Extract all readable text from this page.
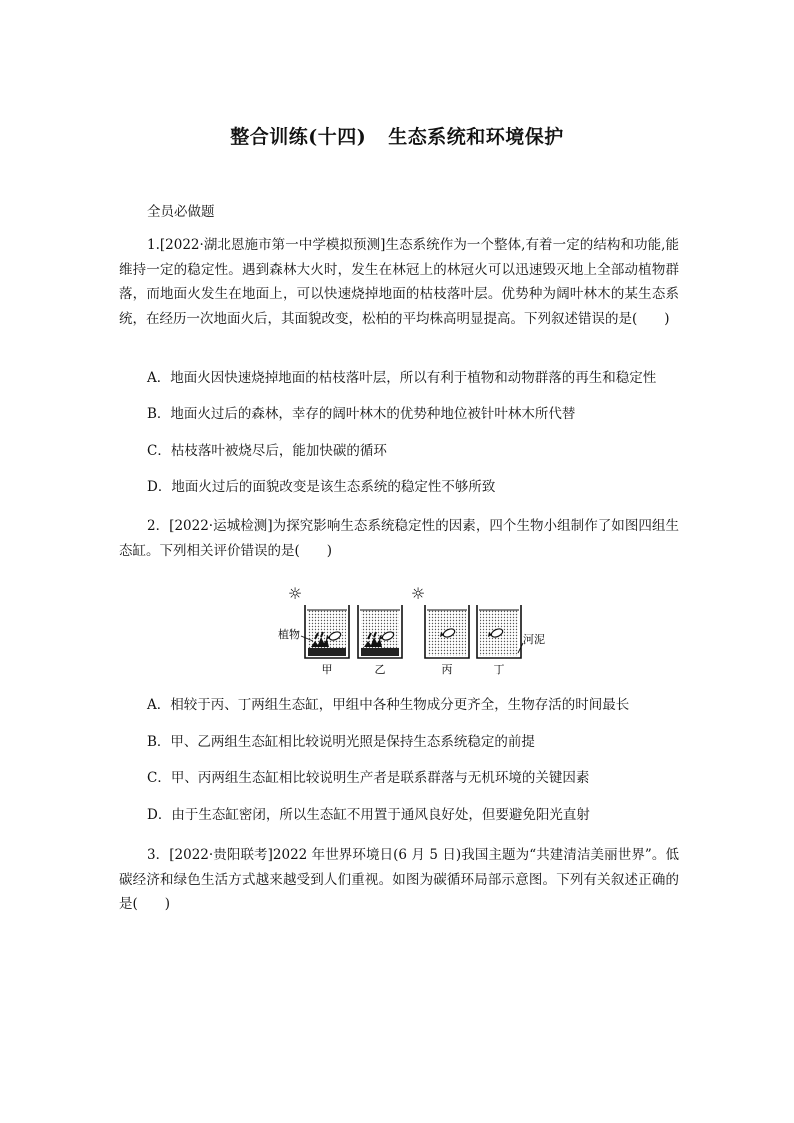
整合训练(十四) 生态系统和环境保护
全员必做题
1.[2022·湖北恩施市第一中学模拟预测]生态系统作为一个整体,有着一定的结构和功能,能维持一定的稳定性。遇到森林大火时，发生在林冠上的林冠火可以迅速毁灭地上全部动植物群落，而地面火发生在地面上，可以快速烧掉地面的枯枝落叶层。优势种为阔叶林木的某生态系统，在经历一次地面火后，其面貌改变，松柏的平均株高明显提高。下列叙述错误的是(　　)
A．地面火因快速烧掉地面的枯枝落叶层，所以有利于植物和动物群落的再生和稳定性
B．地面火过后的森林，幸存的阔叶林木的优势种地位被针叶林木所代替
C．枯枝落叶被烧尽后，能加快碳的循环
D．地面火过后的面貌改变是该生态系统的稳定性不够所致
2．[2022·运城检测]为探究影响生态系统稳定性的因素，四个生物小组制作了如图四组生态缸。下列相关评价错误的是(　　)
☼	☼
植物	河泥
甲	乙	丙	丁
A．相较于丙、丁两组生态缸，甲组中各种生物成分更齐全，生物存活的时间最长
B．甲、乙两组生态缸相比较说明光照是保持生态系统稳定的前提
C．甲、丙两组生态缸相比较说明生产者是联系群落与无机环境的关键因素
D．由于生态缸密闭，所以生态缸不用置于通风良好处，但要避免阳光直射
3．[2022·贵阳联考]2022 年世界环境日(6 月 5 日)我国主题为“共建清洁美丽世界”。低碳经济和绿色生活方式越来越受到人们重视。如图为碳循环局部示意图。下列有关叙述正确的是(　　)
